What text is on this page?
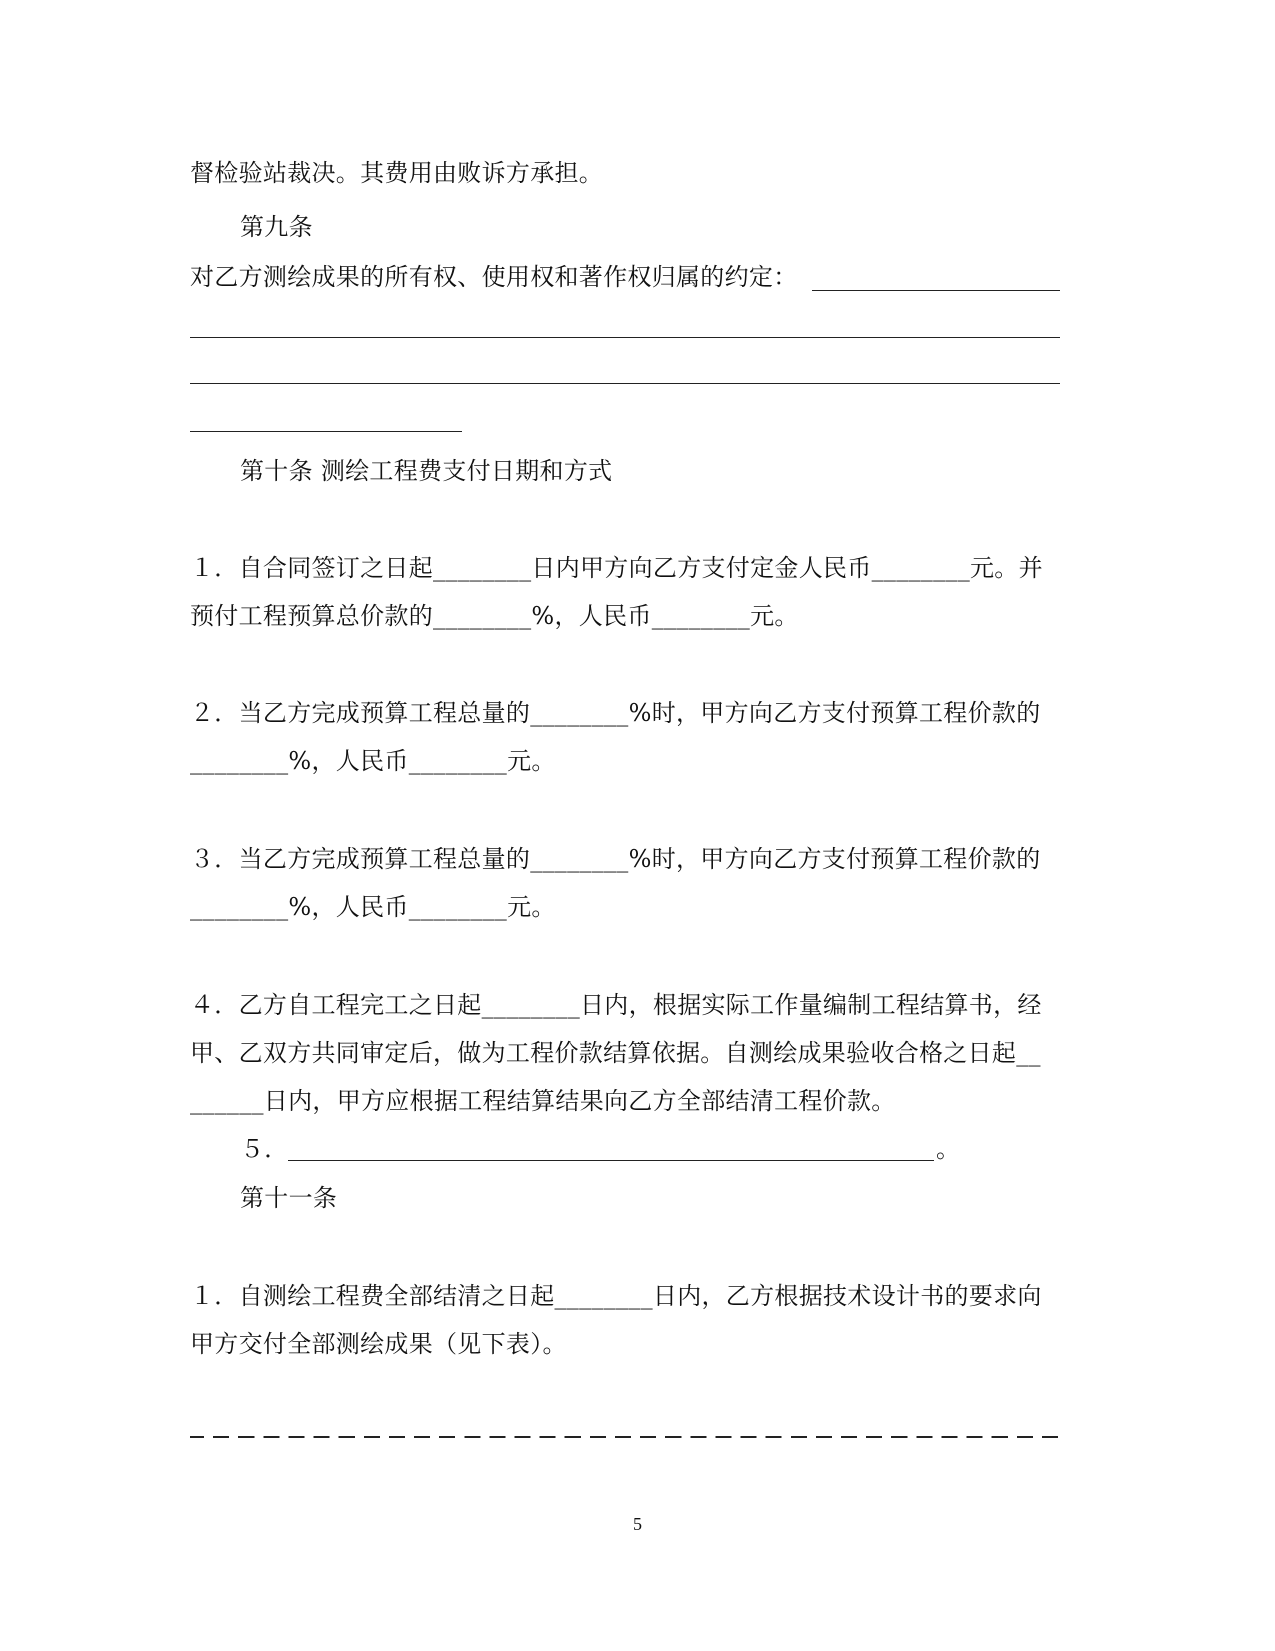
督检验站裁决。其费用由败诉方承担。
第九条
对乙方测绘成果的所有权、使用权和著作权归属的约定：
第十条 测绘工程费支付日期和方式
１．自合同签订之日起________日内甲方向乙方支付定金人民币________元。并
预付工程预算总价款的________%，人民币________元。
２．当乙方完成预算工程总量的________%时，甲方向乙方支付预算工程价款的
________%，人民币________元。
３．当乙方完成预算工程总量的________%时，甲方向乙方支付预算工程价款的
________%，人民币________元。
４．乙方自工程完工之日起________日内，根据实际工作量编制工程结算书，经
甲、乙双方共同审定后，做为工程价款结算依据。自测绘成果验收合格之日起__
______日内，甲方应根据工程结算结果向乙方全部结清工程价款。
５．	。
第十一条
１．自测绘工程费全部结清之日起________日内，乙方根据技术设计书的要求向
甲方交付全部测绘成果（见下表）。
5
